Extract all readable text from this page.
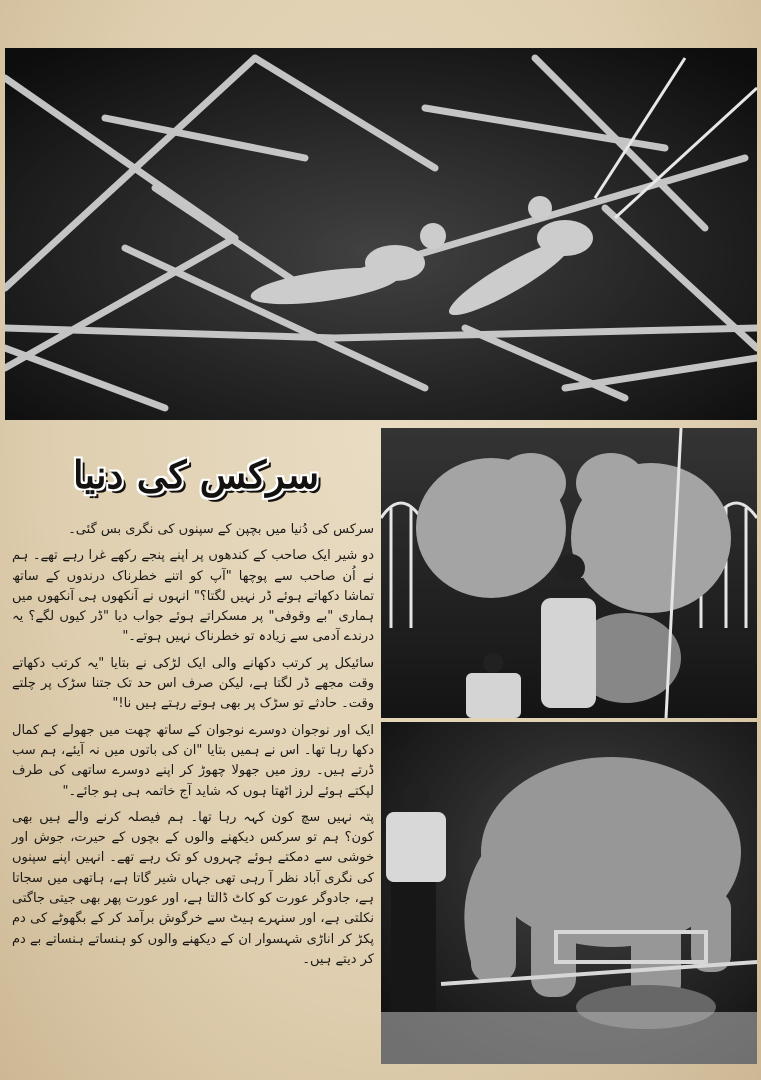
سرکس کی دنیا

سرکس کی دُنیا میں بچپن کے سپنوں کی نگری بس گئی۔

دو شیر ایک صاحب کے کندھوں پر اپنے پنجے رکھے غرا رہے تھے۔ ہم نے اُن صاحب سے پوچھا "آپ کو اتنے خطرناک درندوں کے ساتھ تماشا دکھاتے ہوئے ڈر نہیں لگتا؟" انہوں نے آنکھوں ہی آنکھوں میں ہماری "بے وقوفی" پر مسکراتے ہوئے جواب دیا "ڈر کیوں لگے؟ یہ درندے آدمی سے زیادہ تو خطرناک نہیں ہوتے۔"

سائیکل پر کرتب دکھانے والی ایک لڑکی نے بتایا "یہ کرتب دکھاتے وقت مجھے ڈر لگتا ہے، لیکن صرف اس حد تک جتنا سڑک پر چلتے وقت۔ حادثے تو سڑک پر بھی ہوتے رہتے ہیں نا!"

ایک اور نوجوان دوسرے نوجوان کے ساتھ چھت میں جھولے کے کمال دکھا رہا تھا۔ اس نے ہمیں بتایا "ان کی باتوں میں نہ آیئے، ہم سب ڈرتے ہیں۔ روز میں جھولا چھوڑ کر اپنے دوسرے ساتھی کی طرف لپکتے ہوئے لرز اٹھتا ہوں کہ شاید آج خاتمہ ہی ہو جائے۔"

پتہ نہیں سچ کون کہہ رہا تھا۔ ہم فیصلہ کرنے والے ہیں بھی کون؟ ہم تو سرکس دیکھنے والوں کے بچوں کے حیرت، جوش اور خوشی سے دمکتے ہوئے چہروں کو تک رہے تھے۔ انہیں اپنے سپنوں کی نگری آباد نظر آ رہی تھی جہاں شیر گاتا ہے، ہاتھی میں سجاتا ہے، جادوگر عورت کو کاٹ ڈالتا ہے، اور عورت پھر بھی جیتی جاگتی نکلتی ہے، اور سنہرے ہیٹ سے خرگوش برآمد کر کے بگھوٹے کی دم پکڑ کر اناڑی شہسوار ان کے دیکھنے والوں کو ہنساتے ہنساتے بے دم کر دیتے ہیں۔
